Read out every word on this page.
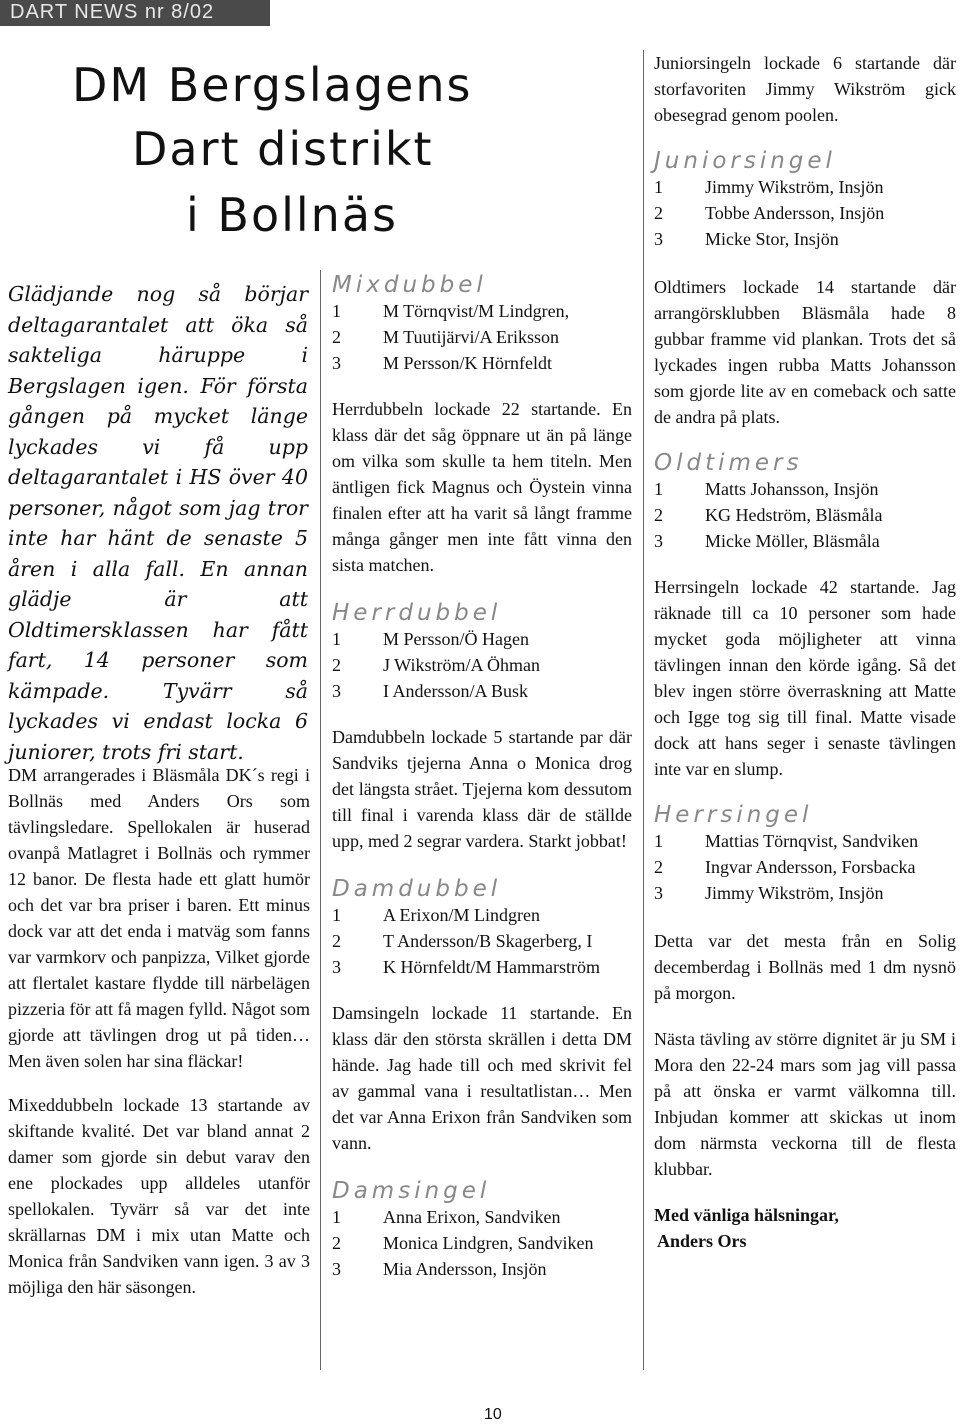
DART NEWS nr 8/02
DM Bergslagens
Dart distrikt
i Bollnäs
Glädjande nog så börjar deltagarantalet att öka så sakteliga häruppe i Bergslagen igen. För första gången på mycket länge lyckades vi få upp deltagarantalet i HS över 40 personer, något som jag tror inte har hänt de senaste 5 åren i alla fall. En annan glädje är att Oldtimersklassen har fått fart, 14 personer som kämpade. Tyvärr så lyckades vi endast locka 6 juniorer, trots fri start.

DM arrangerades i Bläsmåla DK´s regi i Bollnäs med Anders Ors som tävlingsledare. Spellokalen är huserad ovanpå Matlagret i Bollnäs och rymmer 12 banor. De flesta hade ett glatt humör och det var bra priser i baren. Ett minus dock var att det enda i matväg som fanns var varmkorv och panpizza, Vilket gjorde att flertalet kastare flydde till närbelägen pizzeria för att få magen fylld. Något som gjorde att tävlingen drog ut på tiden… Men även solen har sina fläckar!

Mixeddubbeln lockade 13 startande av skiftande kvalité. Det var bland annat 2 damer som gjorde sin debut varav den ene plockades upp alldeles utanför spellokalen. Tyvärr så var det inte skrällarnas DM i mix utan Matte och Monica från Sandviken vann igen. 3 av 3 möjliga den här säsongen.

Mixdubbel

1	M Törnqvist/M Lindgren,
2	M Tuutijärvi/A Eriksson
3	M Persson/K Hörnfeldt

Herrdubbeln lockade 22 startande. En klass där det såg öppnare ut än på länge om vilka som skulle ta hem titeln. Men äntligen fick Magnus och Öystein vinna finalen efter att ha varit så långt framme många gånger men inte fått vinna den sista matchen.

Herrdubbel

1	M Persson/Ö Hagen
2	J Wikström/A Öhman
3	I Andersson/A Busk

Damdubbeln lockade 5 startande par där Sandviks tjejerna Anna o Monica drog det längsta strået. Tjejerna kom dessutom till final i varenda klass där de ställde upp, med 2 segrar vardera. Starkt jobbat!

Damdubbel

1	A Erixon/M Lindgren
2	T Andersson/B Skagerberg, I
3	K Hörnfeldt/M Hammarström

Damsingeln lockade 11 startande. En klass där den största skrällen i detta DM hände. Jag hade till och med skrivit fel av gammal vana i resultatlistan… Men det var Anna Erixon från Sandviken som vann.

Damsingel

1	Anna Erixon, Sandviken
2	Monica Lindgren, Sandviken
3	Mia Andersson, Insjön

Juniorsingeln lockade 6 startande där storfavoriten Jimmy Wikström gick obesegrad genom poolen.

Juniorsingel

1	Jimmy Wikström, Insjön
2	Tobbe Andersson, Insjön
3	Micke Stor, Insjön

Oldtimers lockade 14 startande där arrangörsklubben Bläsmåla hade 8 gubbar framme vid plankan. Trots det så lyckades ingen rubba Matts Johansson som gjorde lite av en comeback och satte de andra på plats.

Oldtimers

1	Matts Johansson, Insjön
2	KG Hedström, Bläsmåla
3	Micke Möller, Bläsmåla

Herrsingeln lockade 42 startande. Jag räknade till ca 10 personer som hade mycket goda möjligheter att vinna tävlingen innan den körde igång. Så det blev ingen större överraskning att Matte och Igge tog sig till final. Matte visade dock att hans seger i senaste tävlingen inte var en slump.

Herrsingel

1	Mattias Törnqvist, Sandviken
2	Ingvar Andersson, Forsbacka
3	Jimmy Wikström, Insjön

Detta var det mesta från en Solig decemberdag i Bollnäs med 1 dm nysnö på morgon.

Nästa tävling av större dignitet är ju SM i Mora den 22-24 mars som jag vill passa på att önska er varmt välkomna till. Inbjudan kommer att skickas ut inom dom närmsta veckorna till de flesta klubbar.

Med vänliga hälsningar,

Anders Ors

10
